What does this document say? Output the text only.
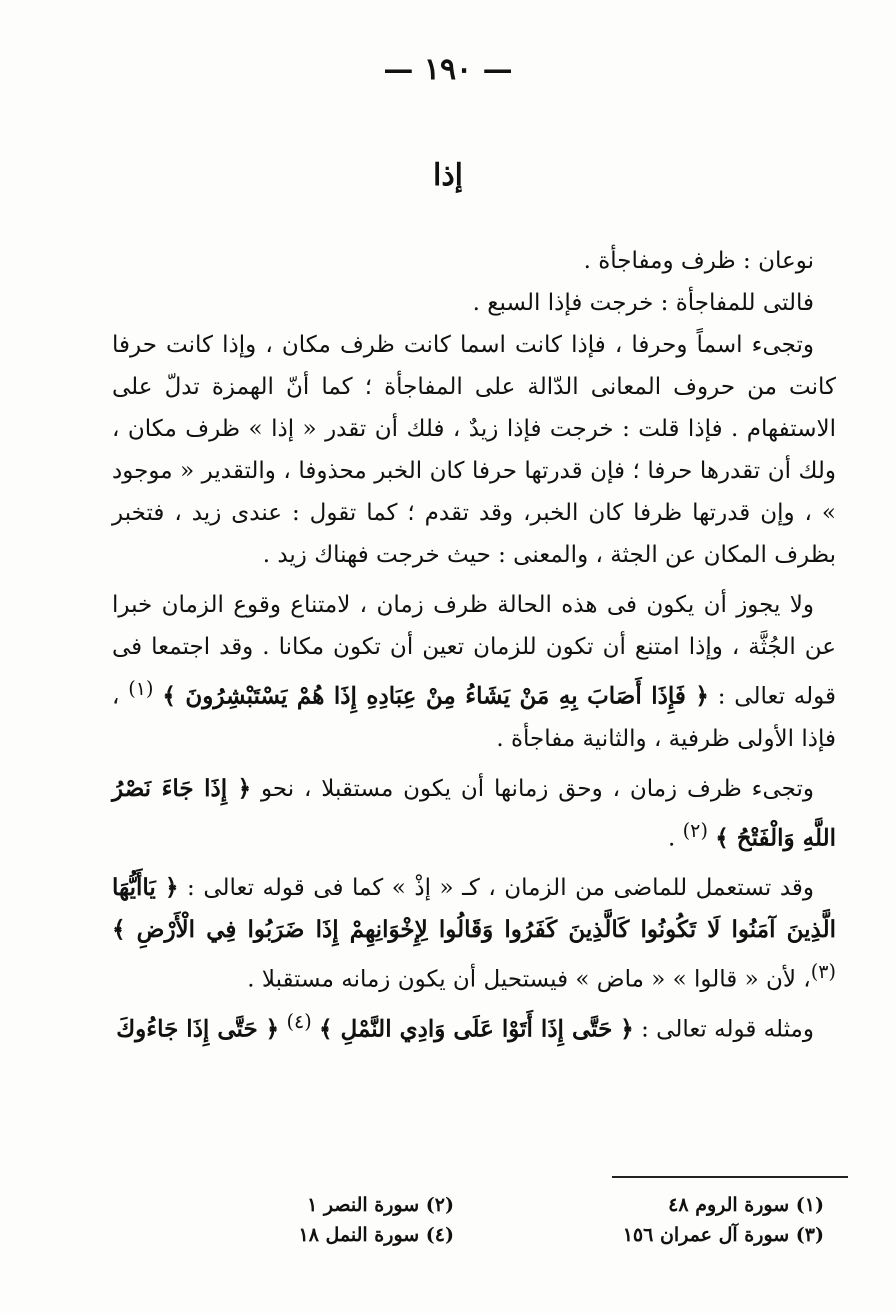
— ١٩٠ —
إذا

نوعان : ظرف ومفاجأة .

فالتى للمفاجأة : خرجت فإذا السبع .

وتجىء اسماً وحرفا ، فإذا كانت اسما كانت ظرف مكان ، وإذا كانت حرفا كانت من حروف المعانى الدّالة على المفاجأة ؛ كما أنّ الهمزة تدلّ على الاستفهام . فإذا قلت : خرجت فإذا زيدٌ ، فلك أن تقدر « إذا » ظرف مكان ، ولك أن تقدرها حرفا ؛ فإن قدرتها حرفا كان الخبر محذوفا ، والتقدير « موجود » ، وإن قدرتها ظرفا كان الخبر، وقد تقدم ؛ كما تقول : عندى زيد ، فتخبر بظرف المكان عن الجثة ، والمعنى : حيث خرجت فهناك زيد .

ولا يجوز أن يكون فى هذه الحالة ظرف زمان ، لامتناع وقوع الزمان خبرا عن الجُثَّة ، وإذا امتنع أن تكون للزمان تعين أن تكون مكانا . وقد اجتمعا فى قوله تعالى : ﴿ فَإِذَا أَصَابَ بِهِ مَنْ يَشَاءُ مِنْ عِبَادِهِ إِذَا هُمْ يَسْتَبْشِرُونَ ﴾ $^{(١)}$ ، فإذا الأولى ظرفية ، والثانية مفاجأة .

وتجىء ظرف زمان ، وحق زمانها أن يكون مستقبلا ، نحو ﴿ إِذَا جَاءَ نَصْرُ اللَّهِ وَالْفَتْحُ ﴾ $^{(٢)}$ .

وقد تستعمل للماضى من الزمان ، كـ « إذْ » كما فى قوله تعالى : ﴿ يَاأَيُّهَا الَّذِينَ آمَنُوا لَا تَكُونُوا كَالَّذِينَ كَفَرُوا وَقَالُوا لِإِخْوَانِهِمْ إِذَا ضَرَبُوا فِي الْأَرْضِ ﴾ $^{(٣)}$، لأن « قالوا » « ماض » فيستحيل أن يكون زمانه مستقبلا .

ومثله قوله تعالى : ﴿ حَتَّى إِذَا أَتَوْا عَلَى وَادِي النَّمْلِ ﴾ $^{(٤)}$ ﴿ حَتَّى إِذَا جَاءُوكَ

(١) سورة الروم ٤٨
(٢) سورة النصر ١
(٣) سورة آل عمران ١٥٦
(٤) سورة النمل ١٨
